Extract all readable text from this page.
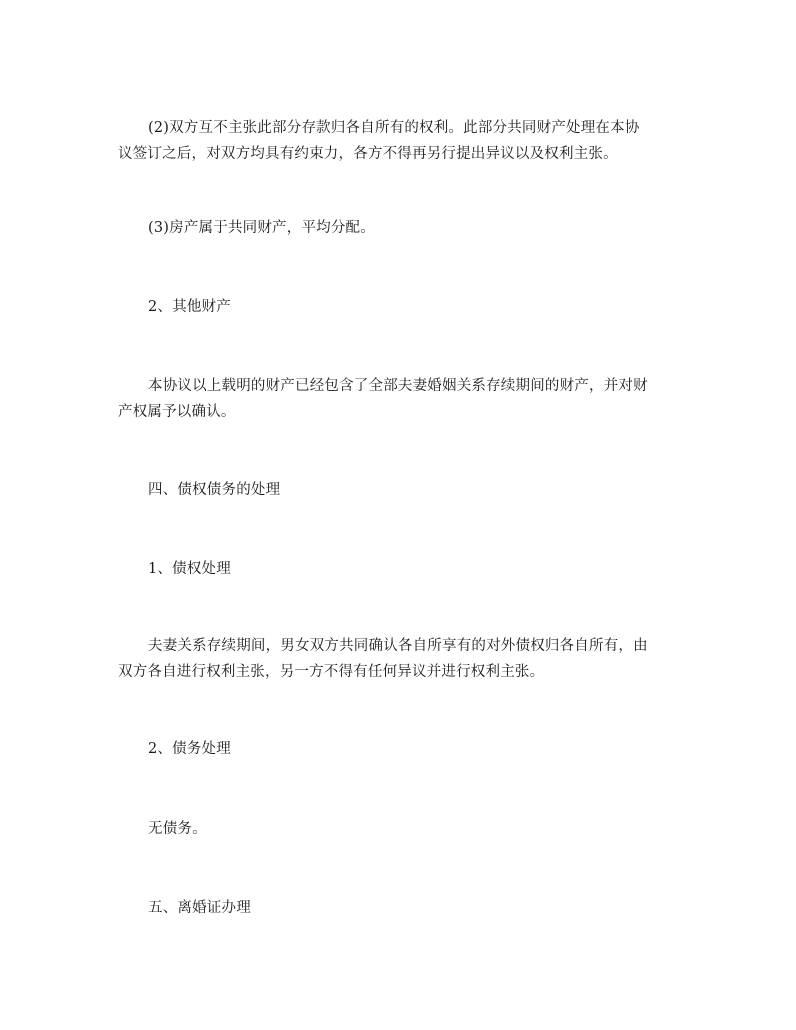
(2)双方互不主张此部分存款归各自所有的权利。此部分共同财产处理在本协
议签订之后，对双方均具有约束力，各方不得再另行提出异议以及权利主张。

(3)房产属于共同财产，平均分配。

2、其他财产

本协议以上载明的财产已经包含了全部夫妻婚姻关系存续期间的财产，并对财
产权属予以确认。

四、债权债务的处理

1、债权处理

夫妻关系存续期间，男女双方共同确认各自所享有的对外债权归各自所有，由
双方各自进行权利主张，另一方不得有任何异议并进行权利主张。

2、债务处理

无债务。

五、离婚证办理
